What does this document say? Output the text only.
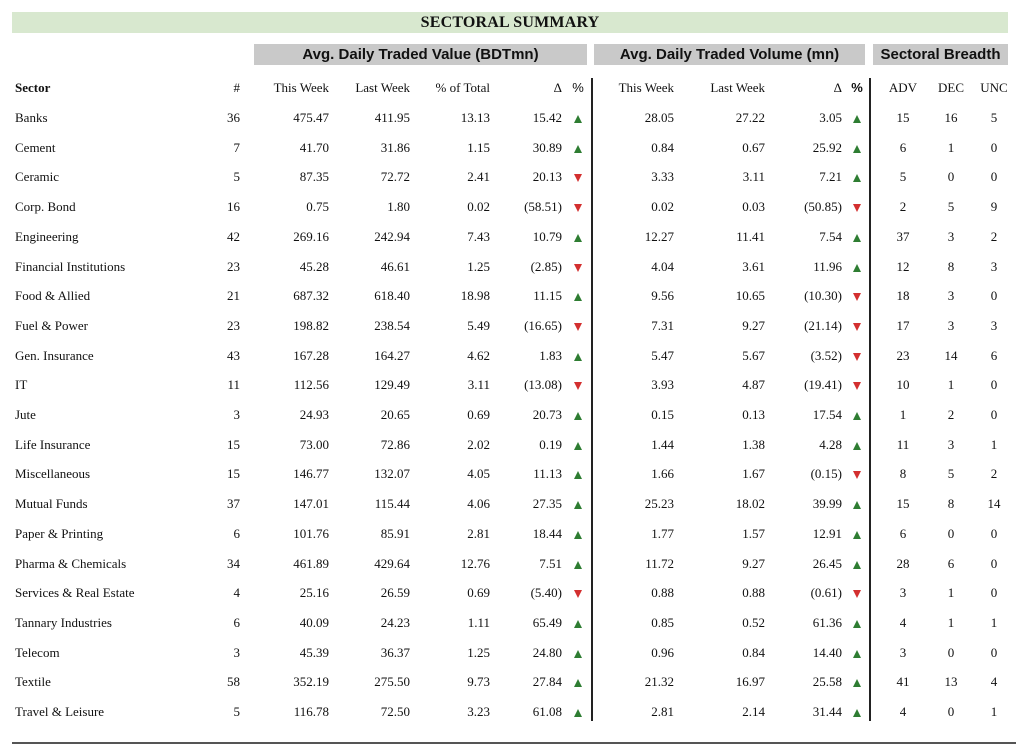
SECTORAL SUMMARY
Avg. Daily Traded Value (BDTmn)	Avg. Daily Traded Volume (mn)	Sectoral Breadth
Sector	#	This Week	Last Week	% of Total	Δ %	This Week	Last Week	Δ %	ADV	DEC	UNC
Banks	36	475.47	411.95	13.13	15.42	28.05	27.22	3.05	15	16	5
Cement	7	41.70	31.86	1.15	30.89	0.84	0.67	25.92	6	1	0
Ceramic	5	87.35	72.72	2.41	20.13	3.33	3.11	7.21	5	0	0
Corp. Bond	16	0.75	1.80	0.02	(58.51)	0.02	0.03	(50.85)	2	5	9
Engineering	42	269.16	242.94	7.43	10.79	12.27	11.41	7.54	37	3	2
Financial Institutions	23	45.28	46.61	1.25	(2.85)	4.04	3.61	11.96	12	8	3
Food & Allied	21	687.32	618.40	18.98	11.15	9.56	10.65	(10.30)	18	3	0
Fuel & Power	23	198.82	238.54	5.49	(16.65)	7.31	9.27	(21.14)	17	3	3
Gen. Insurance	43	167.28	164.27	4.62	1.83	5.47	5.67	(3.52)	23	14	6
IT	11	112.56	129.49	3.11	(13.08)	3.93	4.87	(19.41)	10	1	0
Jute	3	24.93	20.65	0.69	20.73	0.15	0.13	17.54	1	2	0
Life Insurance	15	73.00	72.86	2.02	0.19	1.44	1.38	4.28	11	3	1
Miscellaneous	15	146.77	132.07	4.05	11.13	1.66	1.67	(0.15)	8	5	2
Mutual Funds	37	147.01	115.44	4.06	27.35	25.23	18.02	39.99	15	8	14
Paper & Printing	6	101.76	85.91	2.81	18.44	1.77	1.57	12.91	6	0	0
Pharma & Chemicals	34	461.89	429.64	12.76	7.51	11.72	9.27	26.45	28	6	0
Services & Real Estate	4	25.16	26.59	0.69	(5.40)	0.88	0.88	(0.61)	3	1	0
Tannary Industries	6	40.09	24.23	1.11	65.49	0.85	0.52	61.36	4	1	1
Telecom	3	45.39	36.37	1.25	24.80	0.96	0.84	14.40	3	0	0
Textile	58	352.19	275.50	9.73	27.84	21.32	16.97	25.58	41	13	4
Travel & Leisure	5	116.78	72.50	3.23	61.08	2.81	2.14	31.44	4	0	1
